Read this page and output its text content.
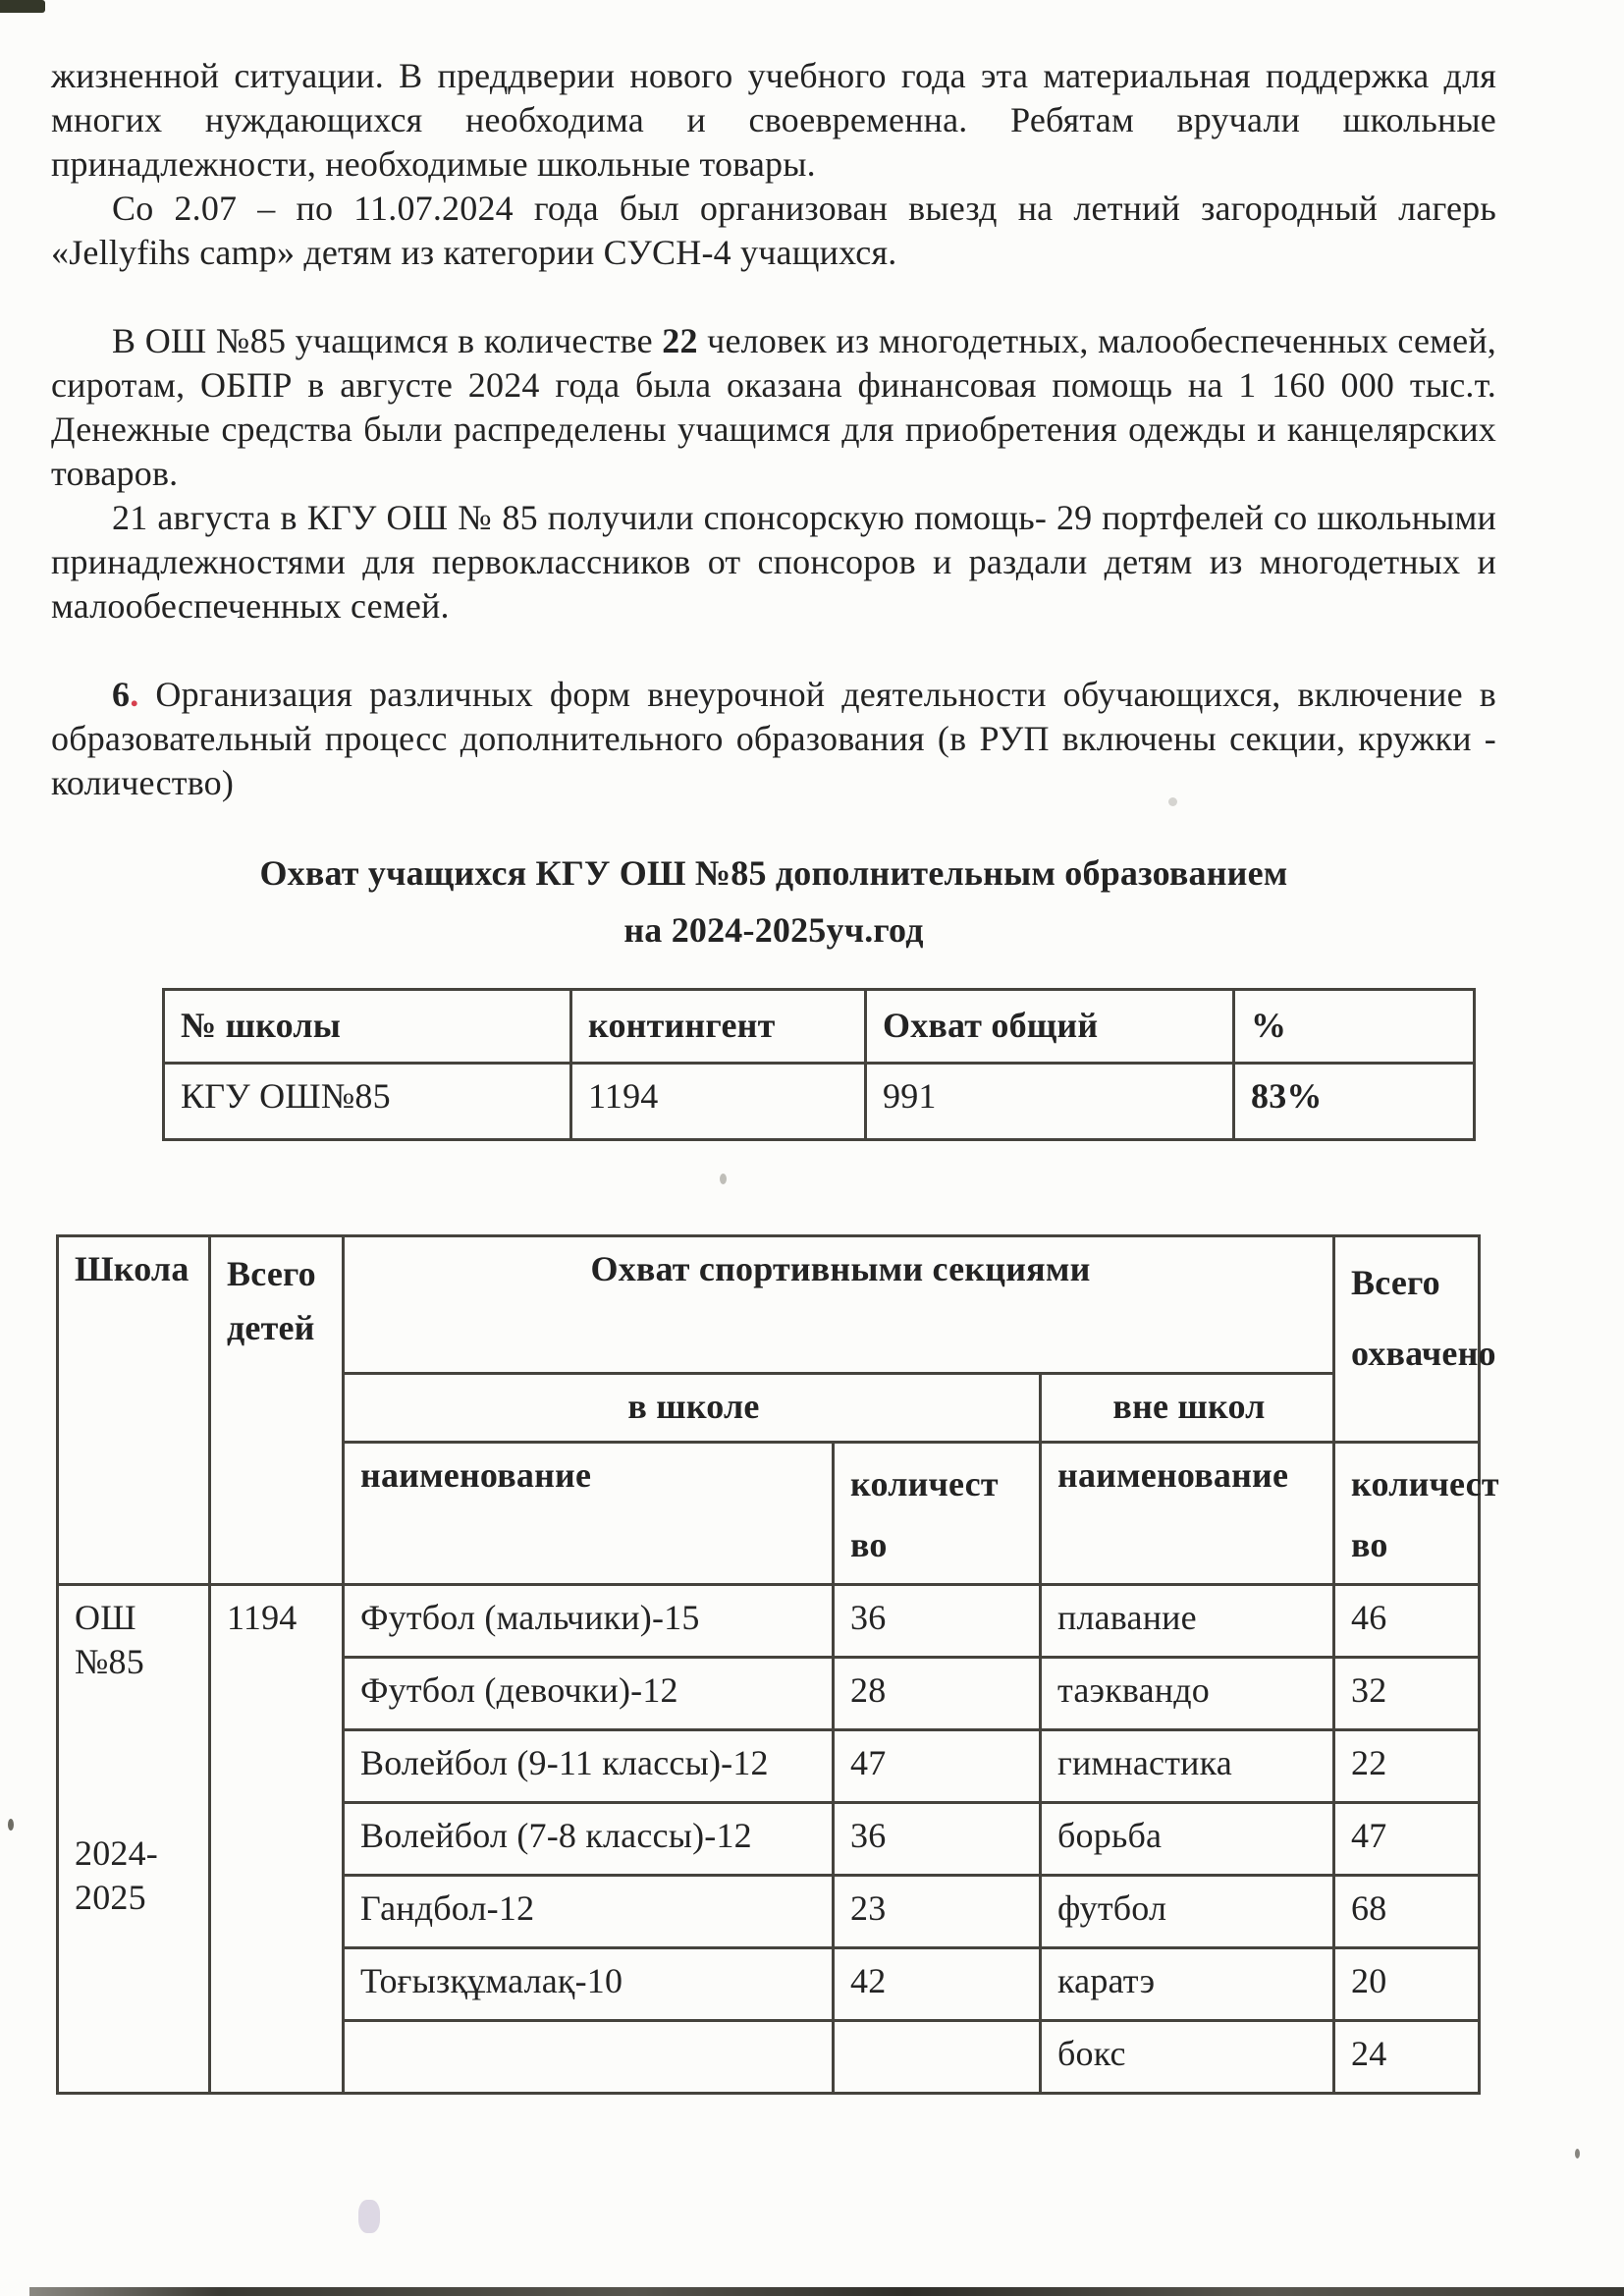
жизненной ситуации. В преддверии нового учебного года эта материальная поддержка для многих нуждающихся необходима и своевременна. Ребятам вручали школьные принадлежности, необходимые школьные товары.

Со 2.07 – по 11.07.2024 года был организован выезд на летний загородный лагерь «Jellyfihs camp» детям из категории СУСН-4 учащихся.

В ОШ №85 учащимся в количестве 22 человек из многодетных, малообеспеченных семей, сиротам, ОБПР в августе 2024 года была оказана финансовая помощь на 1 160 000 тыс.т. Денежные средства были распределены учащимся для приобретения одежды и канцелярских товаров.

21 августа в КГУ ОШ № 85 получили спонсорскую помощь- 29 портфелей со школьными принадлежностями для первоклассников от спонсоров и раздали детям из многодетных и малообеспеченных семей.

6. Организация различных форм внеурочной деятельности обучающихся, включение в образовательный процесс дополнительного образования (в РУП включены секции, кружки - количество)

Охват учащихся КГУ ОШ №85 дополнительным образованием
на 2024-2025уч.год
№ школы	контингент	Охват общий	%
КГУ ОШ№85	1194	991	83%
Школа	Всего детей	Охват спортивными секциями			Всего охвачено
		в школе		вне школ	
		наименование	количест во	наименование	количест во

ОШ №85
2024-2025	1194	Футбол (мальчики)-15	36	плавание	46
		Футбол (девочки)-12	28	таэквандо	32
		Волейбол (9-11 классы)-12	47	гимнастика	22
		Волейбол (7-8 классы)-12	36	борьба	47
		Гандбол-12	23	футбол	68
		Тоғызқұмалақ-10	42	каратэ	20
				бокс	24
